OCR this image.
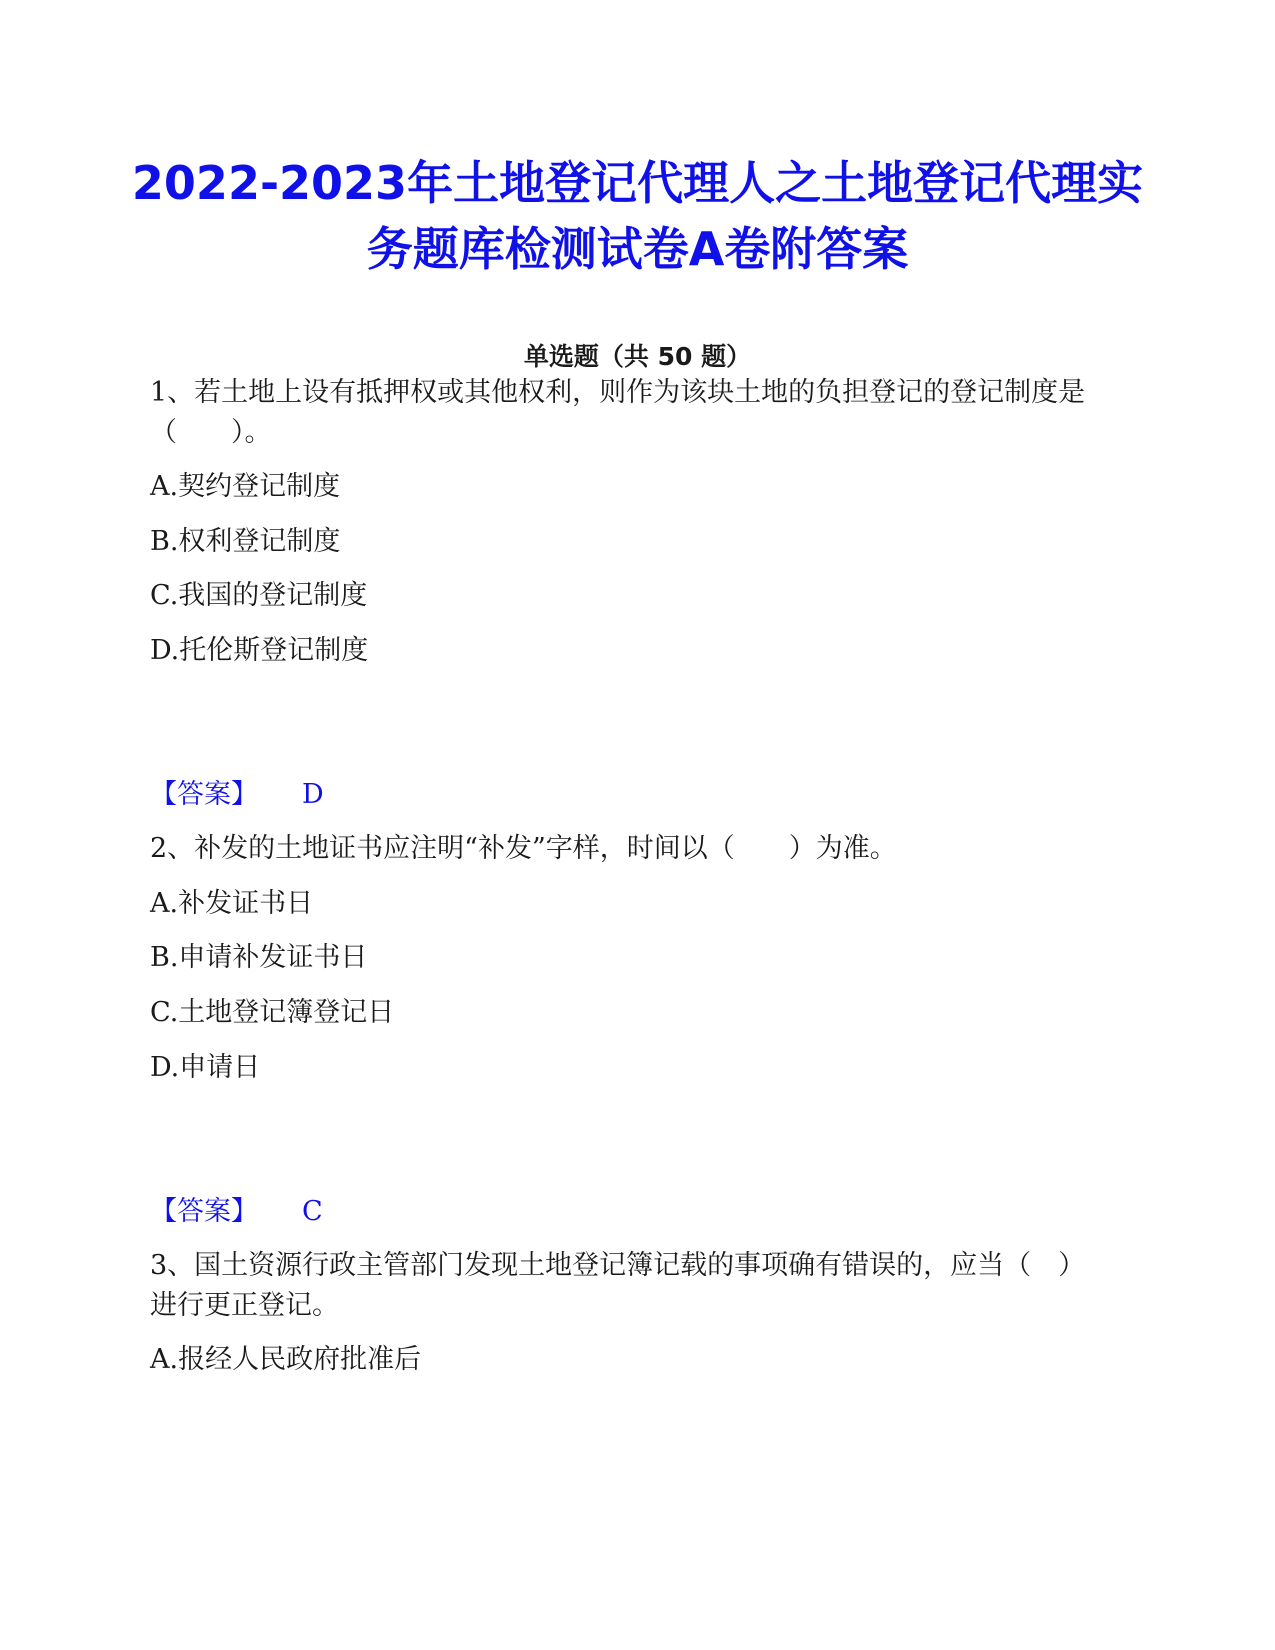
2022-2023年土地登记代理人之土地登记代理实务题库检测试卷A卷附答案
单选题（共 50 题）

1、若土地上设有抵押权或其他权利，则作为该块土地的负担登记的登记制度是（　　）。

A.契约登记制度

B.权利登记制度

C.我国的登记制度

D.托伦斯登记制度

【答案】 D

2、补发的土地证书应注明“补发”字样，时间以（　　）为准。

A.补发证书日

B.申请补发证书日

C.土地登记簿登记日

D.申请日

【答案】 C

3、国土资源行政主管部门发现土地登记簿记载的事项确有错误的，应当（　）进行更正登记。

A.报经人民政府批准后
